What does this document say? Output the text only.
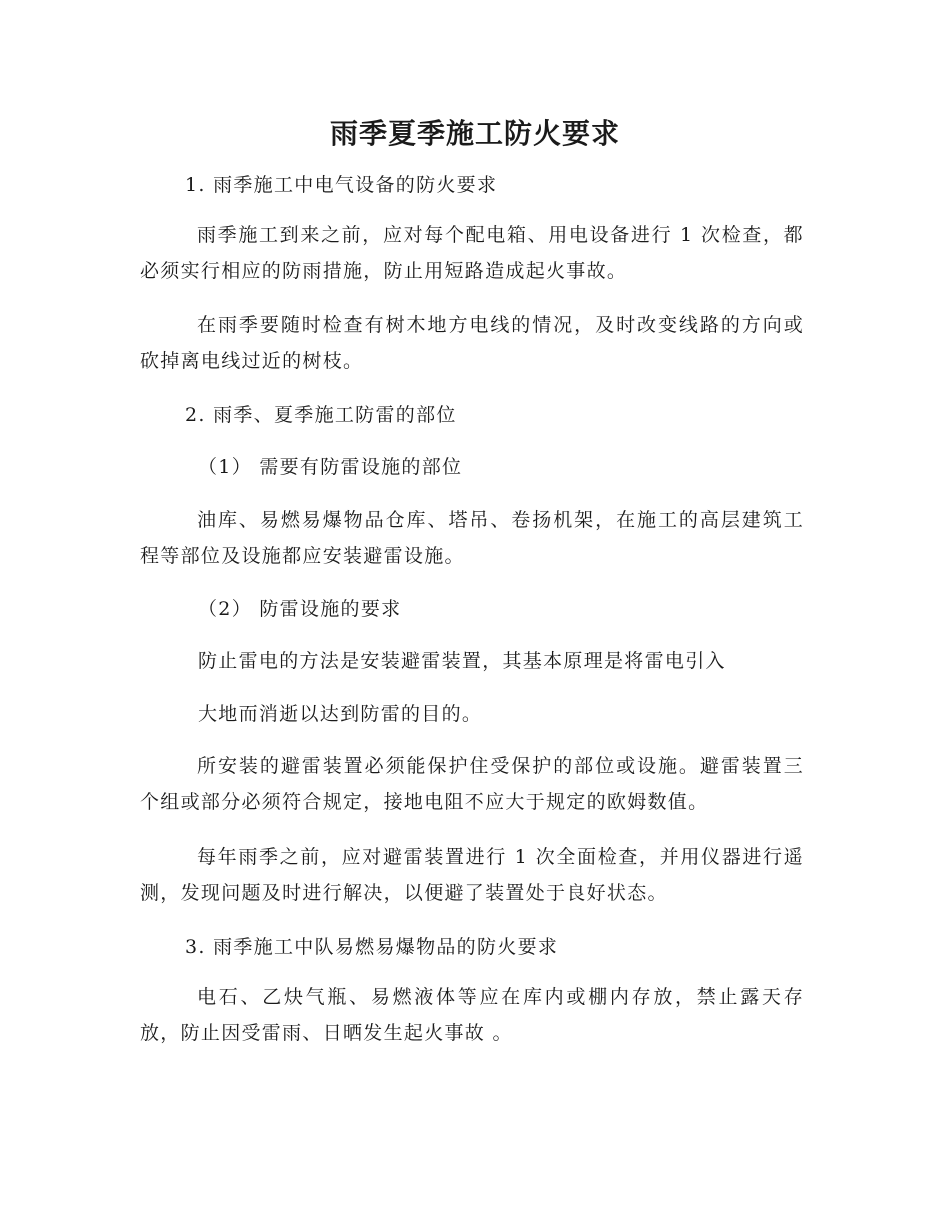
雨季夏季施工防火要求
1. 雨季施工中电气设备的防火要求
雨季施工到来之前，应对每个配电箱、用电设备进行 1 次检查，都必须实行相应的防雨措施，防止用短路造成起火事故。
在雨季要随时检查有树木地方电线的情况，及时改变线路的方向或砍掉离电线过近的树枝。
2. 雨季、夏季施工防雷的部位
（1） 需要有防雷设施的部位
油库、易燃易爆物品仓库、塔吊、卷扬机架，在施工的高层建筑工程等部位及设施都应安装避雷设施。
（2） 防雷设施的要求
防止雷电的方法是安装避雷装置，其基本原理是将雷电引入
大地而消逝以达到防雷的目的。
所安装的避雷装置必须能保护住受保护的部位或设施。避雷装置三个组或部分必须符合规定，接地电阻不应大于规定的欧姆数值。
每年雨季之前，应对避雷装置进行 1 次全面检查，并用仪器进行遥测，发现问题及时进行解决，以便避了装置处于良好状态。
3. 雨季施工中队易燃易爆物品的防火要求
电石、乙炔气瓶、易燃液体等应在库内或棚内存放，禁止露天存放，防止因受雷雨、日晒发生起火事故 。
